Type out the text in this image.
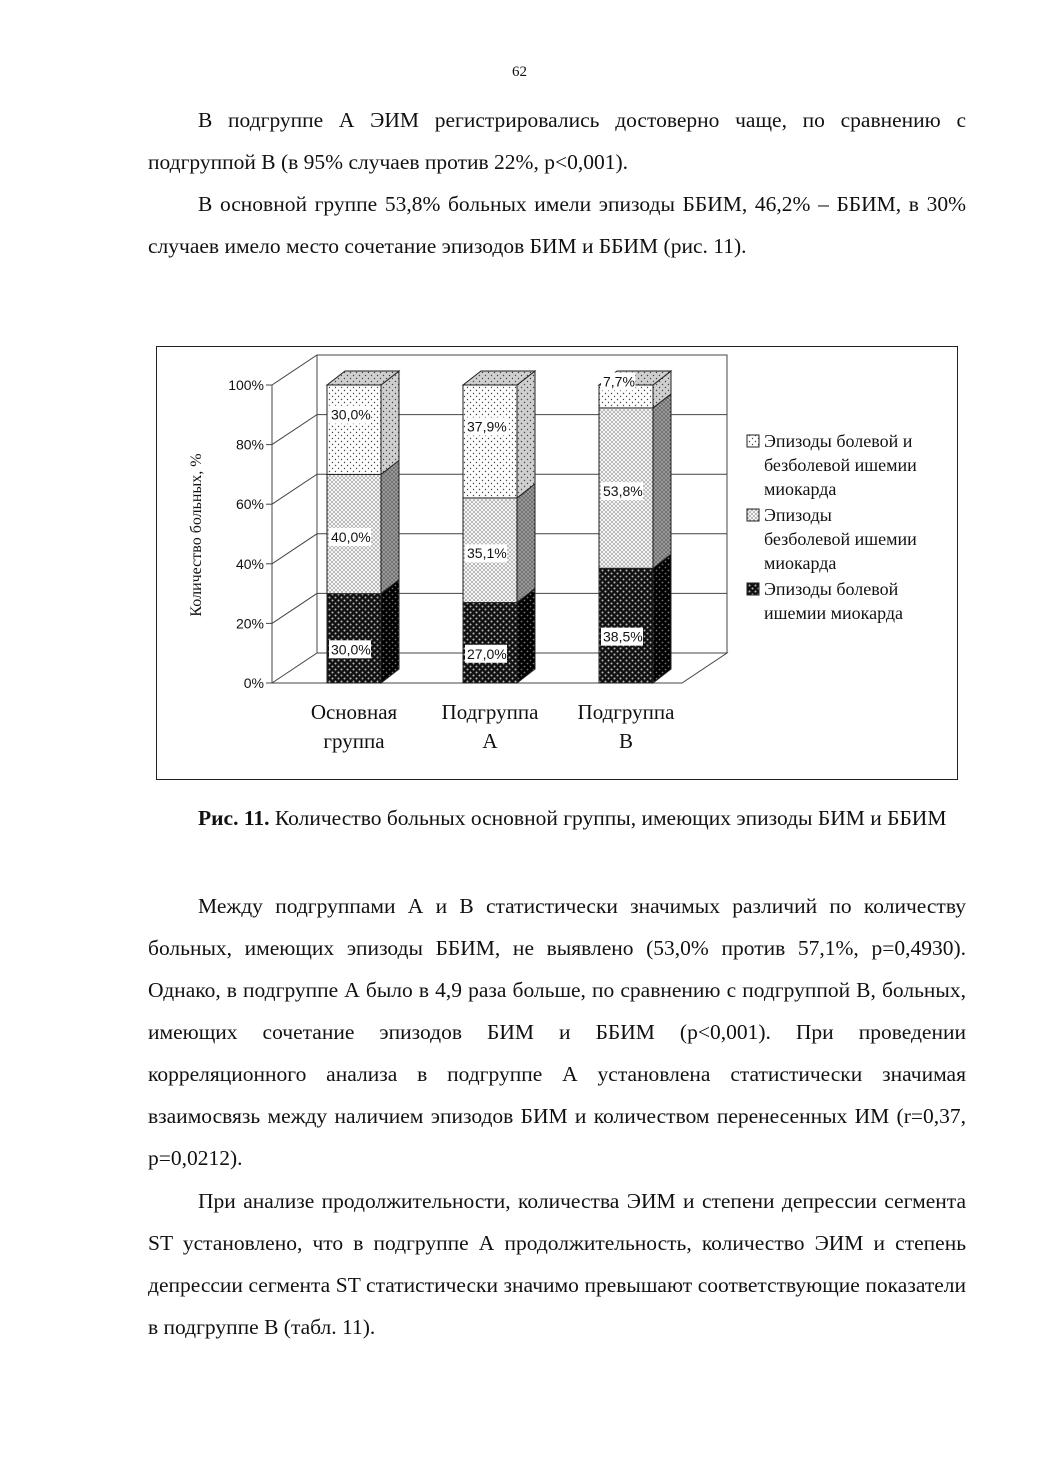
62

В подгруппе А ЭИМ регистрировались достоверно чаще, по сравнению с подгруппой В (в 95% случаев против 22%, р<0,001).

В основной группе 53,8% больных имели эпизоды ББИМ, 46,2% – ББИМ, в 30% случаев имело место сочетание эпизодов БИМ и ББИМ (рис. 11).

0%
20%
40%
60%
80%
100%
Количество больных, %
Основная
группа
Подгруппа
А
Подгруппа
В
30,0%
40,0%
30,0%
27,0%
35,1%
37,9%
38,5%
53,8%
7,7%
Эпизоды болевой и
безболевой ишемии
миокарда
Эпизоды
безболевой ишемии
миокарда
Эпизоды болевой
ишемии миокарда

Рис. 11. Количество больных основной группы, имеющих эпизоды БИМ и ББИМ

Между подгруппами А и В статистически значимых различий по количеству больных, имеющих эпизоды ББИМ, не выявлено (53,0% против 57,1%, р=0,4930). Однако, в подгруппе А было в 4,9 раза больше, по сравнению с подгруппой В, больных, имеющих сочетание эпизодов БИМ и ББИМ (р<0,001). При проведении корреляционного анализа в подгруппе А установлена статистически значимая взаимосвязь между наличием эпизодов БИМ и количеством перенесенных ИМ (r=0,37, р=0,0212).

При анализе продолжительности, количества ЭИМ и степени депрессии сегмента ST установлено, что в подгруппе А продолжительность, количество ЭИМ и степень депрессии сегмента ST статистически значимо превышают соответствующие показатели в подгруппе В (табл. 11).
